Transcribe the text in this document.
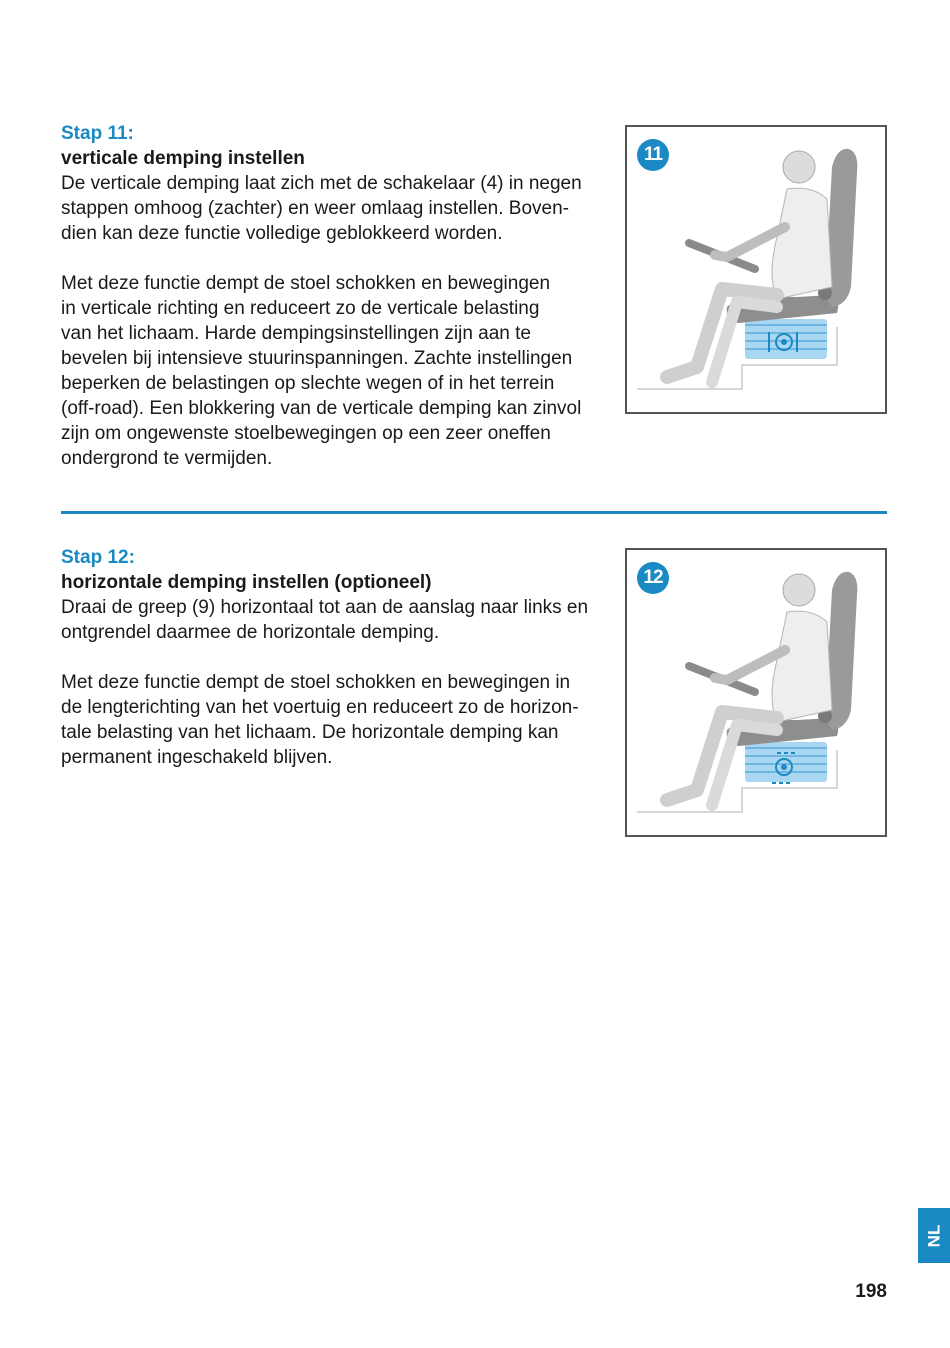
Stap 11:

verticale demping instellen

De verticale demping laat zich met de schakelaar (4) in negen
stappen omhoog (zachter) en weer omlaag instellen. Boven-
dien kan deze functie volledige geblokkeerd worden.

Met deze functie dempt de stoel schokken en bewegingen
in verticale richting en reduceert zo de verticale belasting
van het lichaam. Harde dempingsinstellingen zijn aan te
bevelen bij intensieve stuurinspanningen. Zachte instellingen
beperken de belastingen op slechte wegen of in het terrein
(off-road). Een blokkering van de verticale demping kan zinvol
zijn om ongewenste stoelbewegingen op een zeer oneffen
ondergrond te vermijden.

11

Stap 12:

horizontale demping instellen (optioneel)

Draai de greep (9) horizontaal tot aan de aanslag naar links en
ontgrendel daarmee de horizontale demping.

Met deze functie dempt de stoel schokken en bewegingen in
de lengterichting van het voertuig en reduceert zo de horizon-
tale belasting van het lichaam. De horizontale demping kan
permanent ingeschakeld blijven.

12
NL
198
